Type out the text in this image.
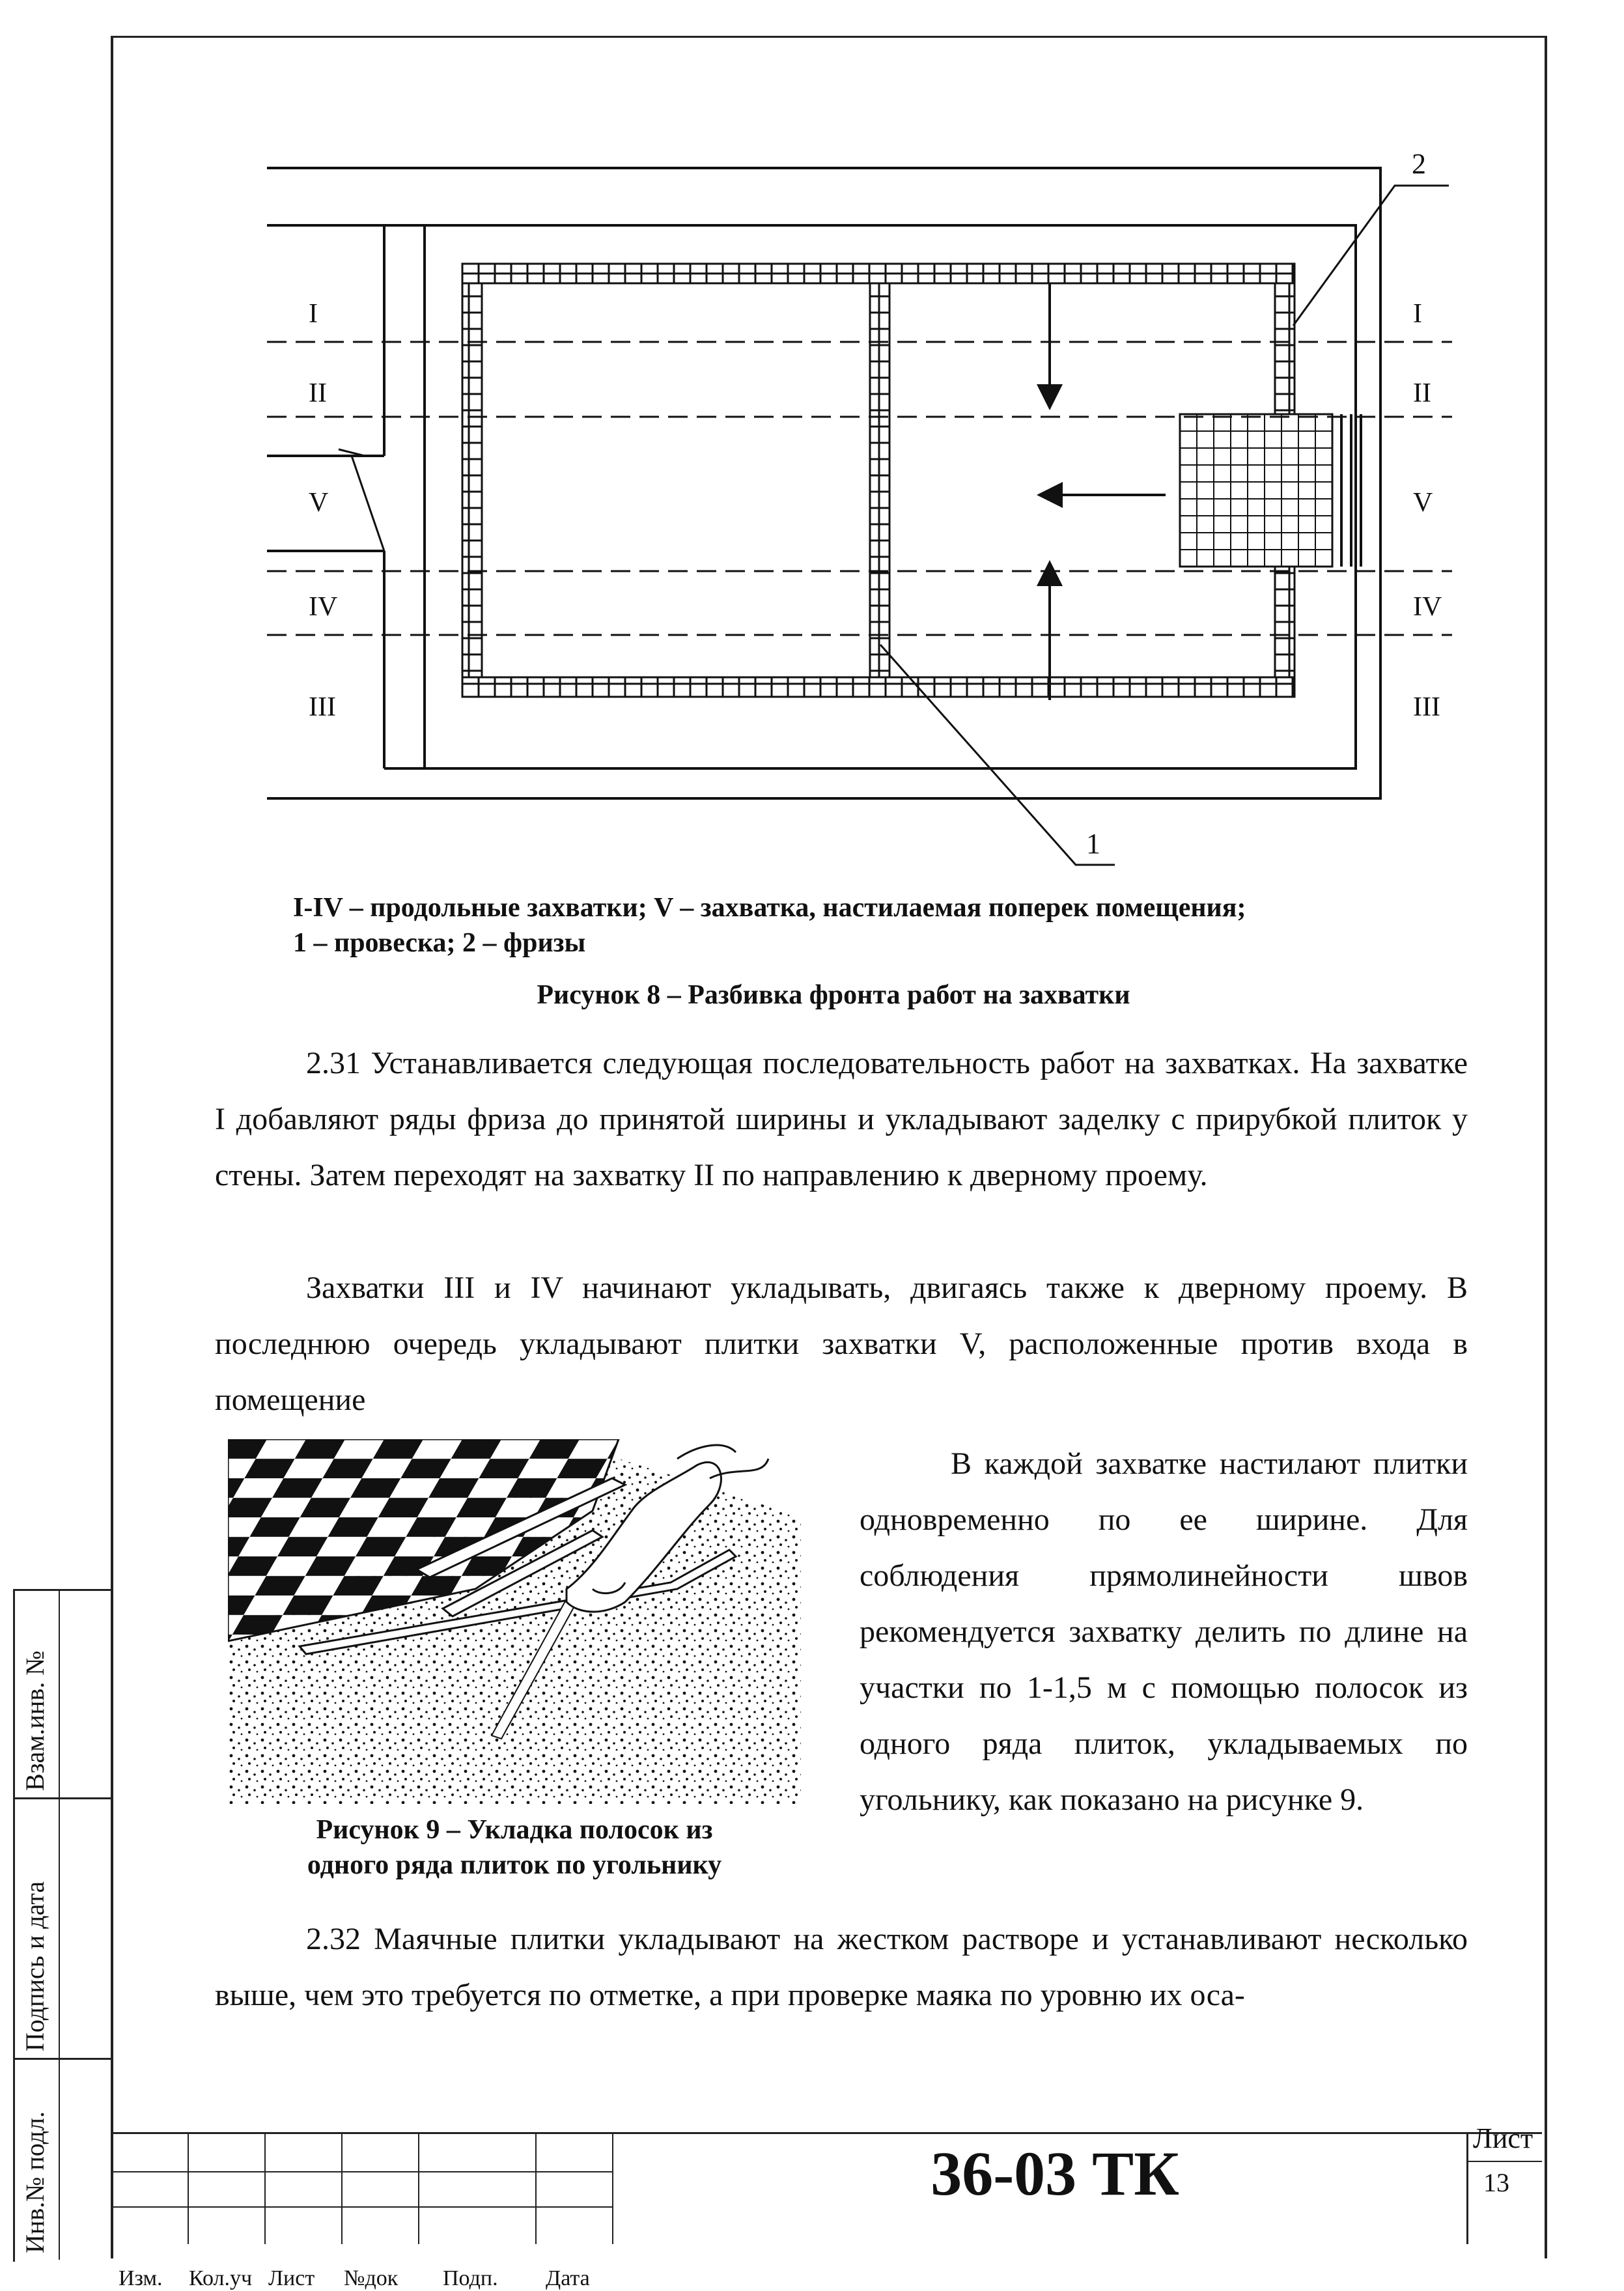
2
1
I
II
V
IV
III
I
II
V
IV
III
I-IV – продольные захватки; V – захватка, настилаемая поперек помещения;
1 – провеска; 2 – фризы
Рисунок 8 – Разбивка фронта работ на захватки
2.31 Устанавливается следующая последовательность работ на захватках. На захватке I добавляют ряды фриза до принятой ширины и укладывают заделку с прирубкой плиток у стены. Затем переходят на захватку II по направлению к дверному проему.
Захватки III и IV начинают укладывать, двигаясь также к дверному проему. В последнюю очередь укладывают плитки захватки V, расположенные против входа в помещение
Рисунок 9 – Укладка полосок из
одного ряда плиток по угольнику
В каждой захватке настилают плитки одновременно по ее ширине. Для соблюдения прямолинейности швов рекомендуется захватку делить по длине на участки по 1-1,5 м с помощью полосок из одного ряда плиток, укладываемых по угольнику, как показано на рисунке 9.
2.32 Маячные плитки укладывают на жестком растворе и устанавливают несколько выше, чем это требуется по отметке, а при проверке маяка по уровню их оса-
Взам.инв. №
Подпись и дата
Инв.№ подл.
Изм. Кол.уч Лист №док Подп. Дата
36-03 ТК
Лист
13
